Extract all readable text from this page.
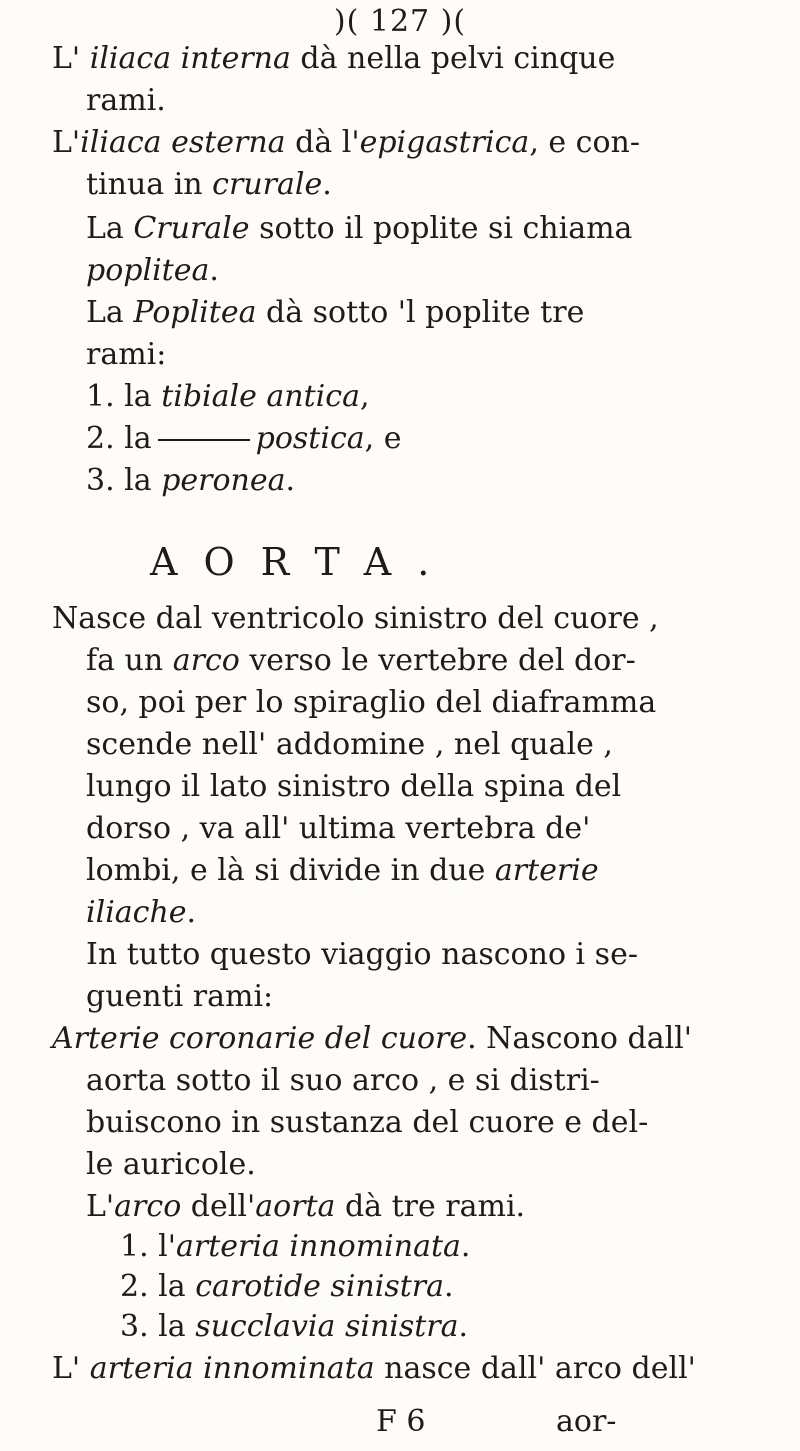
)( 127 )(
L' iliaca interna dà nella pelvi cinque
rami.
L'iliaca esterna dà l'epigastrica, e con-
tinua in crurale.
La Crurale sotto il poplite si chiama
poplitea.
La Poplitea dà sotto 'l poplite tre
rami:
1. la tibiale antica,
2. la	postica, e
3. la peronea.
Nasce dal ventricolo sinistro del cuore ,
fa un arco verso le vertebre del dor-
so, poi per lo spiraglio del diaframma
scende nell' addomine , nel quale ,
lungo il lato sinistro della spina del
dorso , va all' ultima vertebra de'
lombi, e là si divide in due arterie
iliache.
In tutto questo viaggio nascono i se-
guenti rami:
Arterie coronarie del cuore. Nascono dall'
aorta sotto il suo arco , e si distri-
buiscono in sustanza del cuore e del-
le auricole.
L'arco dell'aorta dà tre rami.
1. l'arteria innominata.
2. la carotide sinistra.
3. la succlavia sinistra.
L' arteria innominata nasce dall' arco dell'
AORTA.
F 6	aor-
